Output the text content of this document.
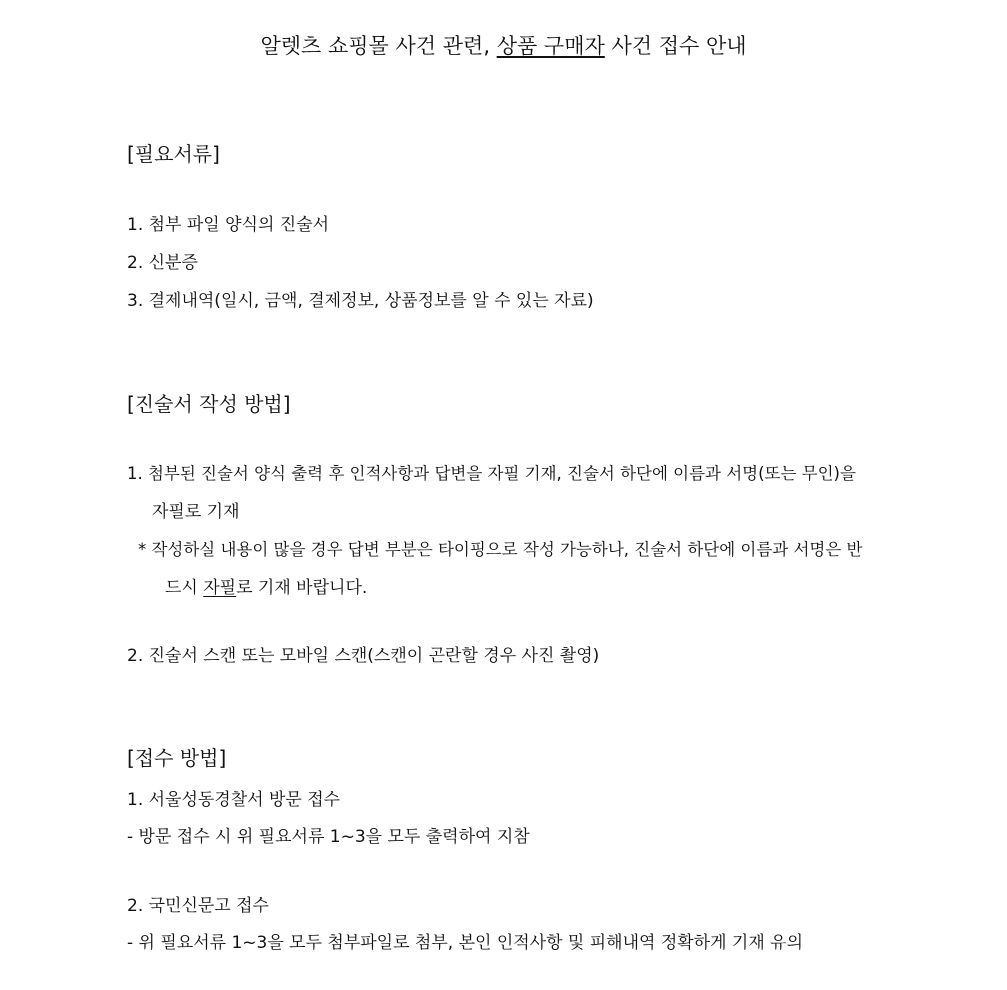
알렛츠 쇼핑몰 사건 관련, 상품 구매자 사건 접수 안내
[필요서류]
1. 첨부 파일 양식의 진술서
2. 신분증
3. 결제내역(일시, 금액, 결제정보, 상품정보를 알 수 있는 자료)
[진술서 작성 방법]
1. 첨부된 진술서 양식 출력 후 인적사항과 답변을 자필 기재, 진술서 하단에 이름과 서명(또는 무인)을
자필로 기재
* 작성하실 내용이 많을 경우 답변 부분은 타이핑으로 작성 가능하나, 진술서 하단에 이름과 서명은 반
드시 자필로 기재 바랍니다.
2. 진술서 스캔 또는 모바일 스캔(스캔이 곤란할 경우 사진 촬영)
[접수 방법]
1. 서울성동경찰서 방문 접수
- 방문 접수 시 위 필요서류 1~3을 모두 출력하여 지참
2. 국민신문고 접수
- 위 필요서류 1~3을 모두 첨부파일로 첨부, 본인 인적사항 및 피해내역 정확하게 기재 유의
